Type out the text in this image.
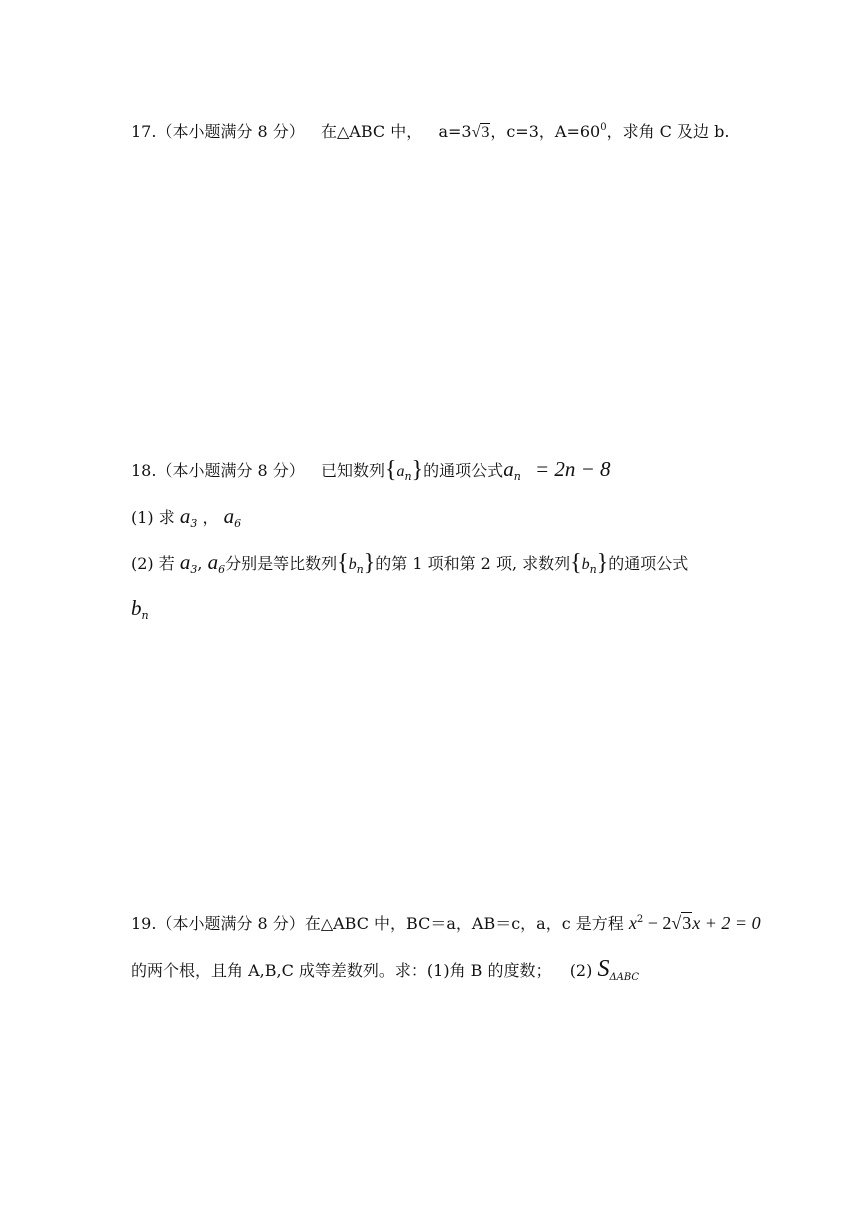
17.（本小题满分 8 分） 在△ABC 中， a=3√3，c=3，$A=60^0$，求角 C 及边 b.
18.（本小题满分 8 分） 已知数列$\{a_n\}$的通项公式$a_n = 2n - 8$
(1) 求 $a_3$ ， $a_6$
(2) 若 $a_3$, $a_6$分别是等比数列$\{b_n\}$的第 1 项和第 2 项, 求数列$\{b_n\}$的通项公式
$b_n$
19.（本小题满分 8 分）在△ABC 中，BC＝a，AB＝c，a，c 是方程 $x^2 - 2√3x + 2 = 0$
的两个根，且角 A,B,C 成等差数列。求：(1)角 B 的度数； (2) $S_{\Delta ABC}$
